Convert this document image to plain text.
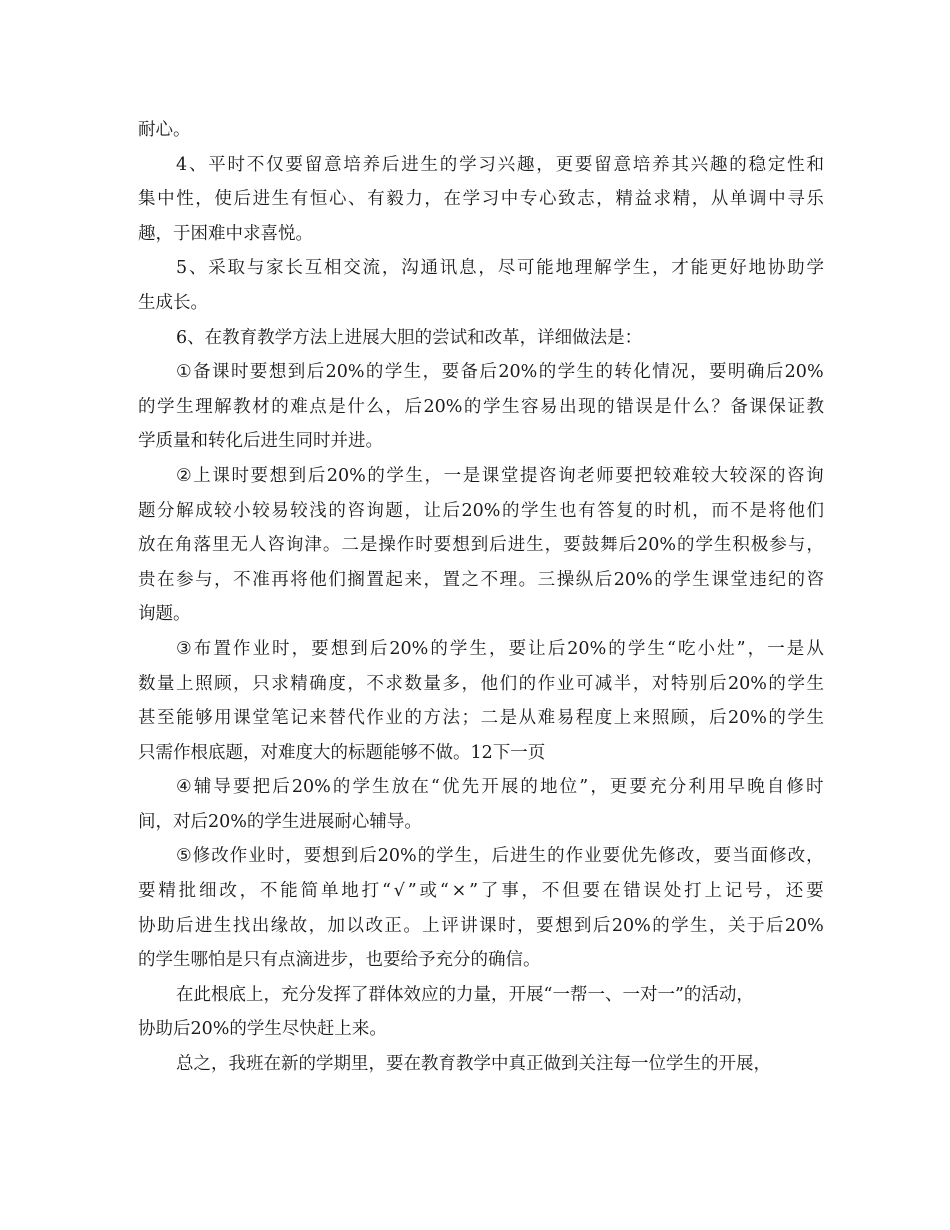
耐心。
4 、 平 时 不 仅 要 留 意 培 养 后 进 生 的 学 习 兴 趣 ， 更 要 留 意 培 养 其 兴 趣 的 稳 定 性 和
集 中 性 ， 使 后 进 生 有 恒 心 、 有 毅 力 ， 在 学 习 中 专 心 致 志 ， 精 益 求 精 ， 从 单 调 中 寻 乐
趣，于困难中求喜悦。
5 、 采 取 与 家 长 互 相 交 流 ， 沟 通 讯 息 ， 尽 可 能 地 理 解 学 生 ， 才 能 更 好 地 协 助 学
生成长。
6、在教育教学方法上进展大胆的尝试和改革，详细做法是：
① 备 课 时 要 想 到 后 20% 的 学 生 ， 要 备 后 20% 的 学 生 的 转 化 情 况 ， 要 明 确 后 20%
的 学 生 理 解 教 材 的 难 点 是 什 么 ， 后 20% 的 学 生 容 易 出 现 的 错 误 是 什 么 ？ 备 课 保 证 教
学质量和转化后进生同时并进。
② 上 课 时 要 想 到 后 20% 的 学 生 ， 一 是 课 堂 提 咨 询 老 师 要 把 较 难 较 大 较 深 的 咨 询
题 分 解 成 较 小 较 易 较 浅 的 咨 询 题 ， 让 后 20% 的 学 生 也 有 答 复 的 时 机 ， 而 不 是 将 他 们
放 在 角 落 里 无 人 咨 询 津 。 二 是 操 作 时 要 想 到 后 进 生 ， 要 鼓 舞 后 20% 的 学 生 积 极 参 与 ，
贵 在 参 与 ， 不 准 再 将 他 们 搁 置 起 来 ， 置 之 不 理 。 三 操 纵 后 20% 的 学 生 课 堂 违 纪 的 咨
询题。
③ 布 置 作 业 时 ， 要 想 到 后 20% 的 学 生 ， 要 让 后 20% 的 学 生 “ 吃 小 灶 ” ， 一 是 从
数 量 上 照 顾 ， 只 求 精 确 度 ， 不 求 数 量 多 ， 他 们 的 作 业 可 减 半 ， 对 特 别 后 20% 的 学 生
甚 至 能 够 用 课 堂 笔 记 来 替 代 作 业 的 方 法 ； 二 是 从 难 易 程 度 上 来 照 顾 ， 后 20% 的 学 生
只需作根底题，对难度大的标题能够不做。12下一页
④ 辅 导 要 把 后 20% 的 学 生 放 在 “ 优 先 开 展 的 地 位 ” ， 更 要 充 分 利 用 早 晚 自 修 时
间，对后20%的学生进展耐心辅导。
⑤ 修 改 作 业 时 ， 要 想 到 后 20% 的 学 生 ， 后 进 生 的 作 业 要 优 先 修 改 ， 要 当 面 修 改 ，
要 精 批 细 改 ， 不 能 简 单 地 打 “ √ ” 或 “ × ” 了 事 ， 不 但 要 在 错 误 处 打 上 记 号 ， 还 要
协 助 后 进 生 找 出 缘 故 ， 加 以 改 正 。 上 评 讲 课 时 ， 要 想 到 后 20% 的 学 生 ， 关 于 后 20%
的学生哪怕是只有点滴进步，也要给予充分的确信。
在此根底上，充分发挥了群体效应的力量，开展“一帮一、一对一”的活动，
协助后20%的学生尽快赶上来。
总之，我班在新的学期里，要在教育教学中真正做到关注每一位学生的开展，
